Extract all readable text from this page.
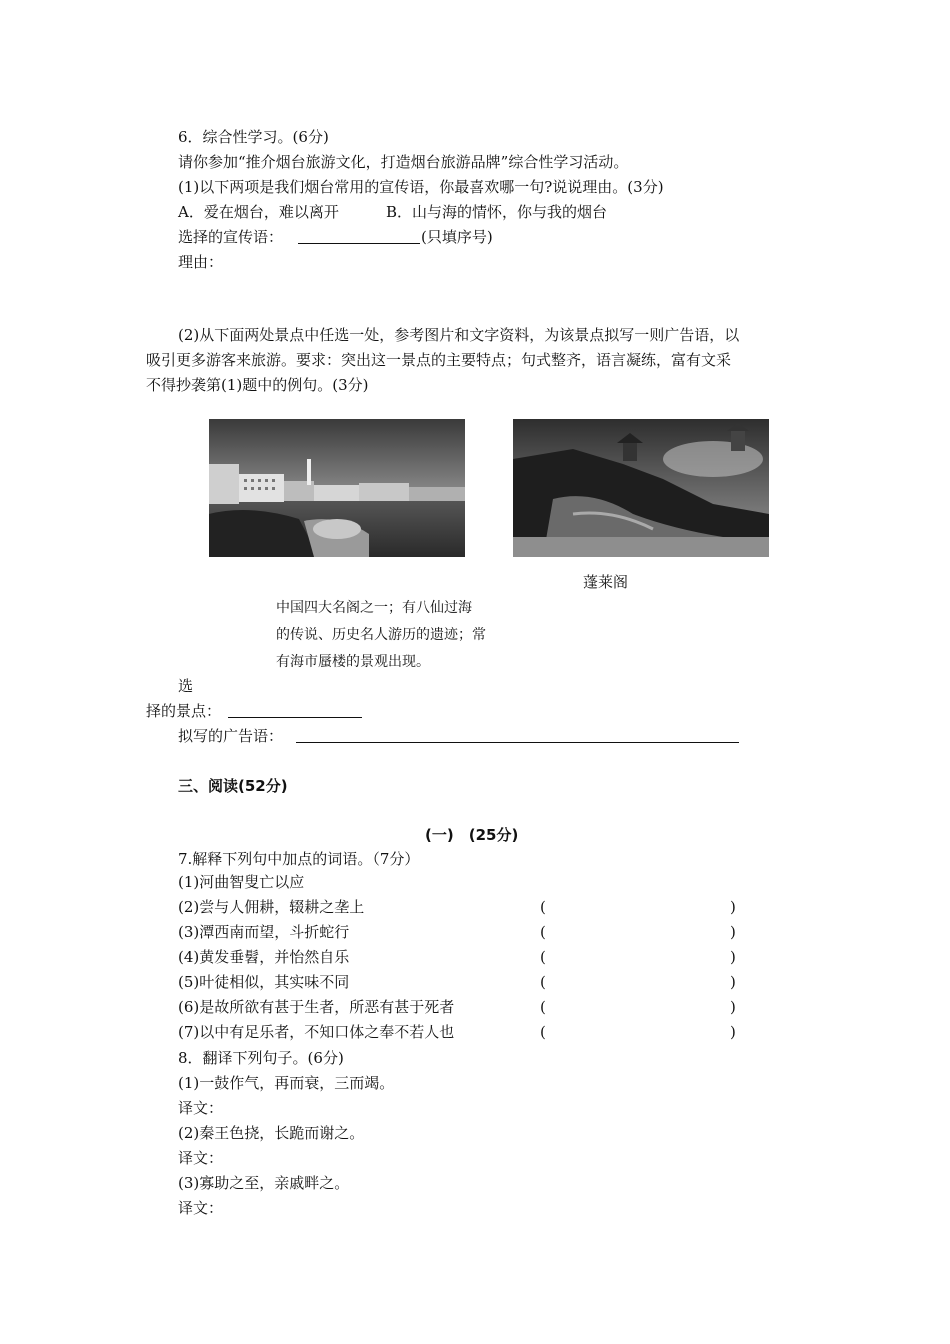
6．综合性学习。(6分)
请你参加“推介烟台旅游文化，打造烟台旅游品牌”综合性学习活动。
(1)以下两项是我们烟台常用的宣传语，你最喜欢哪一句?说说理由。(3分)
A．爱在烟台，难以离开	B．山与海的情怀，你与我的烟台
选择的宣传语：	(只填序号)
理由：
(2)从下面两处景点中任选一处，参考图片和文字资料，为该景点拟写一则广告语，以
吸引更多游客来旅游。要求：突出这一景点的主要特点；句式整齐，语言凝练，富有文采
不得抄袭第(1)题中的例句。(3分)
蓬莱阁
中国四大名阁之一；有八仙过海
的传说、历史名人游历的遗迹；常
有海市蜃楼的景观出现。
选
择的景点：
拟写的广告语：
三、阅读(52分)
(一)　(25分)
7.解释下列句中加点的词语。（7分）
(1)河曲智叟亡以应
(2)尝与人佣耕，辍耕之垄上	(	)
(3)潭西南而望，斗折蛇行	(	)
(4)黄发垂髫，并怡然自乐	(	)
(5)叶徒相似，其实味不同	(	)
(6)是故所欲有甚于生者，所恶有甚于死者	(	)
(7)以中有足乐者，不知口体之奉不若人也	(	)
8．翻译下列句子。(6分)
(1)一鼓作气，再而衰，三而竭。
译文：
(2)秦王色挠，长跪而谢之。
译文：
(3)寡助之至，亲戚畔之。
译文：
